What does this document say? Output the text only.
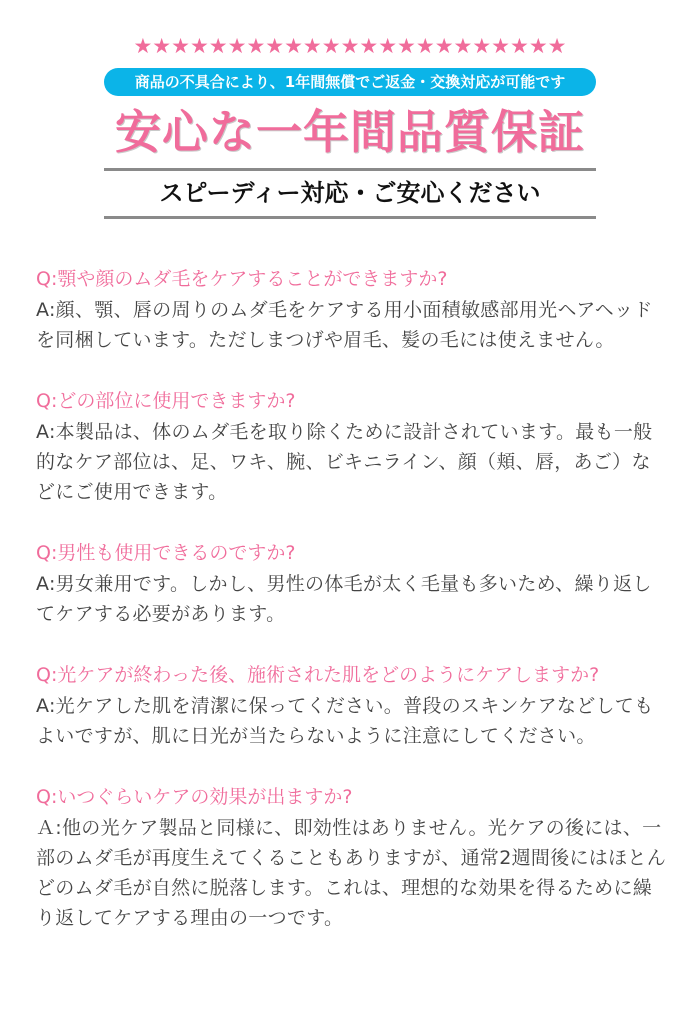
★★★★★★★★★★★★★★★★★★★★★★★
商品の不具合により、1年間無償でご返金・交換対応が可能です
安心な一年間品質保証
スピーディー対応・ご安心ください
Q:顎や顔のムダ毛をケアすることができますか?
A:顔、顎、唇の周りのムダ毛をケアする用小面積敏感部用光ヘアヘッドを同梱しています。ただしまつげや眉毛、髪の毛には使えません。
Q:どの部位に使用できますか?
A:本製品は、体のムダ毛を取り除くために設計されています。最も一般的なケア部位は、足、ワキ、腕、ビキニライン、顔（頬、唇，あご）などにご使用できます。
Q:男性も使用できるのですか?
A:男女兼用です。しかし、男性の体毛が太く毛量も多いため、繰り返してケアする必要があります。
Q:光ケアが終わった後、施術された肌をどのようにケアしますか?
A:光ケアした肌を清潔に保ってください。普段のスキンケアなどしてもよいですが、肌に日光が当たらないように注意にしてください。
Q:いつぐらいケアの効果が出ますか?
Ａ:他の光ケア製品と同様に、即効性はありません。光ケアの後には、一部のムダ毛が再度生えてくることもありますが、通常2週間後にはほとんどのムダ毛が自然に脱落します。これは、理想的な効果を得るために繰り返してケアする理由の一つです。
